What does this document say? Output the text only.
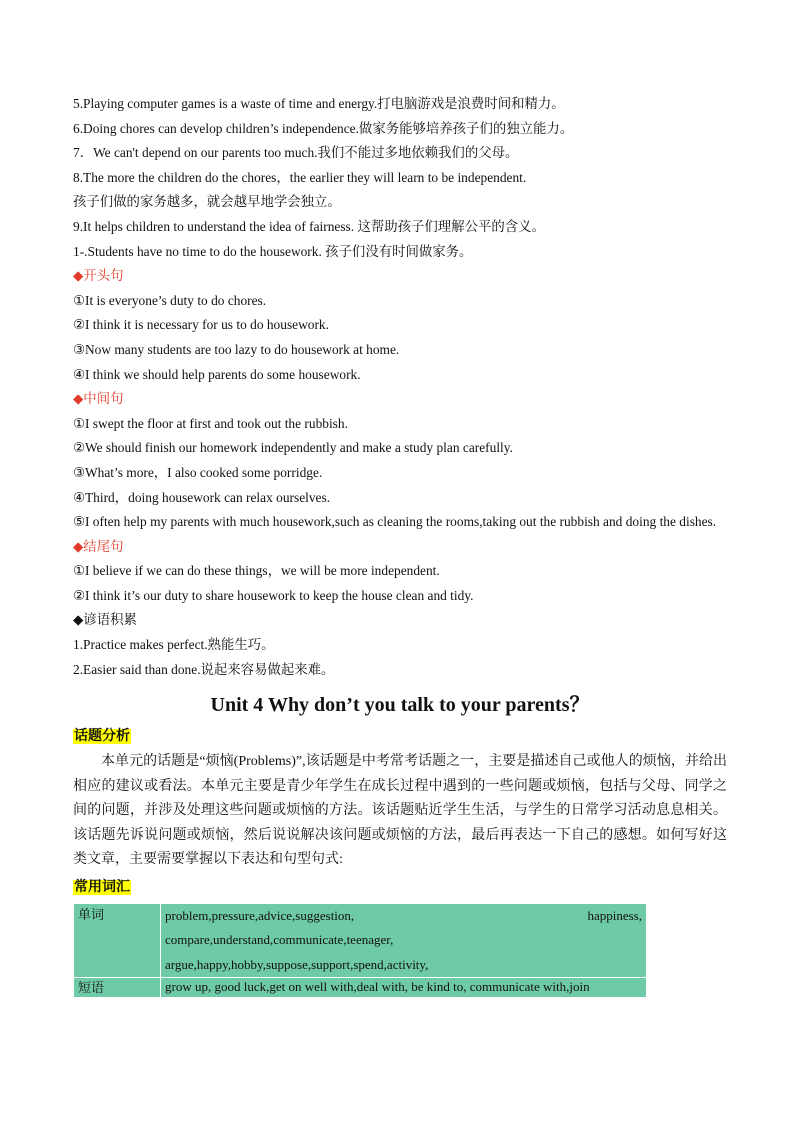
5.Playing computer games is a waste of time and energy.打电脑游戏是浪费时间和精力。
6.Doing chores can develop children’s independence.做家务能够培养孩子们的独立能力。
7．We can't depend on our parents too much.我们不能过多地依赖我们的父母。
8.The more the children do the chores，the earlier they will learn to be independent.
孩子们做的家务越多，就会越早地学会独立。
9.It helps children to understand the idea of fairness. 这帮助孩子们理解公平的含义。
1-.Students have no time to do the housework. 孩子们没有时间做家务。
◆开头句
①It is everyone’s duty to do chores.
②I think it is necessary for us to do housework.
③Now many students are too lazy to do housework at home.
④I think we should help parents do some housework.
◆中间句
①I swept the floor at first and took out the rubbish.
②We should finish our homework independently and make a study plan carefully.
③What’s more，I also cooked some porridge.
④Third，doing housework can relax ourselves.
⑤I often help my parents with much housework,such as cleaning the rooms,taking out the rubbish and doing the dishes.
◆结尾句
①I believe if we can do these things，we will be more independent.
②I think it’s our duty to share housework to keep the house clean and tidy.
◆谚语积累
1.Practice makes perfect.熟能生巧。
2.Easier said than done.说起来容易做起来难。
Unit 4 Why don’t you talk to your parents？
话题分析
本单元的话题是“烦恼(Problems)”,该话题是中考常考话题之一，主要是描述自己或他人的烦恼，并给出相应的建议或看法。本单元主要是青少年学生在成长过程中遇到的一些问题或烦恼，包括与父母、同学之间的问题，并涉及处理这些问题或烦恼的方法。该话题贴近学生生活，与学生的日常学习活动息息相关。该话题先诉说问题或烦恼，然后说说解决该问题或烦恼的方法，最后再表达一下自己的感想。如何写好这类文章，主要需要掌握以下表达和句型句式:
常用词汇
单词	problem,pressure,advice,suggestion, happiness,
compare,understand,communicate,teenager,
argue,happy,hobby,suppose,support,spend,activity,

短语	grow up, good luck,get on well with,deal with, be kind to, communicate with,join
